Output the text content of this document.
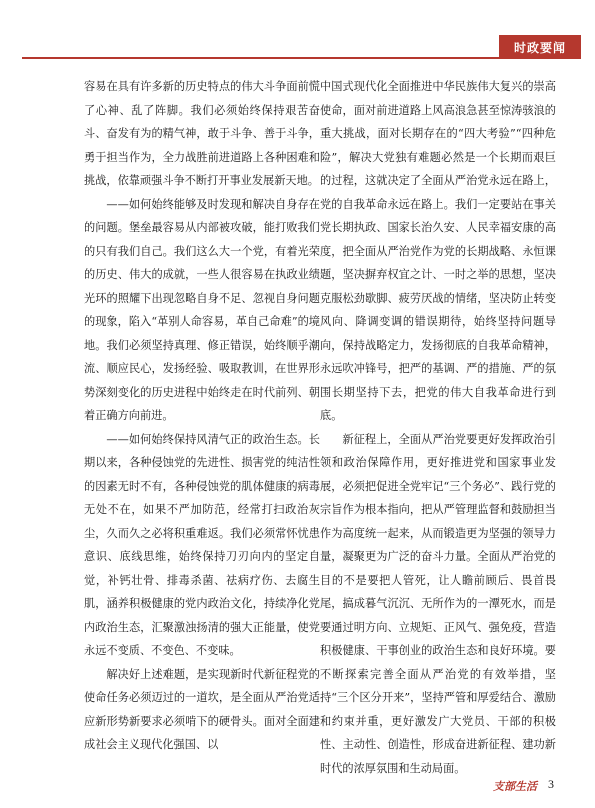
时政要闻

容易在具有许多新的历史特点的伟大斗争面前慌了心神、乱了阵脚。我们必须始终保持艰苦奋斗、奋发有为的精气神，敢于斗争、善于斗争，勇于担当作为，全力战胜前进道路上各种困难和挑战，依靠顽强斗争不断打开事业发展新天地。

——如何始终能够及时发现和解决自身存在的问题。堡垒最容易从内部被攻破，能打败我们的只有我们自己。我们这么大一个党，有着光荣的历史、伟大的成就，一些人很容易在执政业绩光环的照耀下出现忽略自身不足、忽视自身问题的现象，陷入“革别人命容易，革自己命难”的境地。我们必须坚持真理、修正错误，始终顺乎潮流、顺应民心，发扬经验、吸取教训，在世界形势深刻变化的历史进程中始终走在时代前列、朝着正确方向前进。

——如何始终保持风清气正的政治生态。长期以来，各种侵蚀党的先进性、损害党的纯洁性的因素无时不有，各种侵蚀党的肌体健康的病毒无处不在，如果不严加防范，经常打扫政治灰尘，久而久之必将积重难返。我们必须常怀忧患意识、底线思维，始终保持刀刃向内的坚定自觉，补钙壮骨、排毒杀菌、祛病疗伤、去腐生肌，涵养积极健康的党内政治文化，持续净化党内政治生态，汇聚激浊扬清的强大正能量，使党永远不变质、不变色、不变味。

解决好上述难题，是实现新时代新征程党的使命任务必须迈过的一道坎，是全面从严治党适应新形势新要求必须啃下的硬骨头。面对全面建成社会主义现代化强国、以

中国式现代化全面推进中华民族伟大复兴的崇高使命，面对前进道路上风高浪急甚至惊涛骇浪的重大挑战，面对长期存在的“四大考验”“四种危险”，解决大党独有难题必然是一个长期而艰巨的过程，这就决定了全面从严治党永远在路上，党的自我革命永远在路上。我们一定要站在事关党长期执政、国家长治久安、人民幸福安康的高度，把全面从严治党作为党的长期战略、永恒课题，坚决摒弃权宜之计、一时之举的思想，坚决克服松劲歇脚、疲劳厌战的情绪，坚决防止转变风向、降调变调的错误期待，始终坚持问题导向，保持战略定力，发扬彻底的自我革命精神，永远吹冲锋号，把严的基调、严的措施、严的氛围长期坚持下去，把党的伟大自我革命进行到底。

新征程上，全面从严治党要更好发挥政治引领和政治保障作用，更好推进党和国家事业发展，必须把促进全党牢记“三个务必”、践行党的宗旨作为根本指向，把从严管理监督和鼓励担当作为高度统一起来，从而锻造更为坚强的领导力量，凝聚更为广泛的奋斗力量。全面从严治党的目的不是要把人管死，让人瞻前顾后、畏首畏尾，搞成暮气沉沉、无所作为的一潭死水，而是要通过明方向、立规矩、正风气、强免疫，营造积极健康、干事创业的政治生态和良好环境。要不断探索完善全面从严治党的有效举措，坚持“三个区分开来”，坚持严管和厚爱结合、激励和约束并重，更好激发广大党员、干部的积极性、主动性、创造性，形成奋进新征程、建功新时代的浓厚氛围和生动局面。

支部生活 3
